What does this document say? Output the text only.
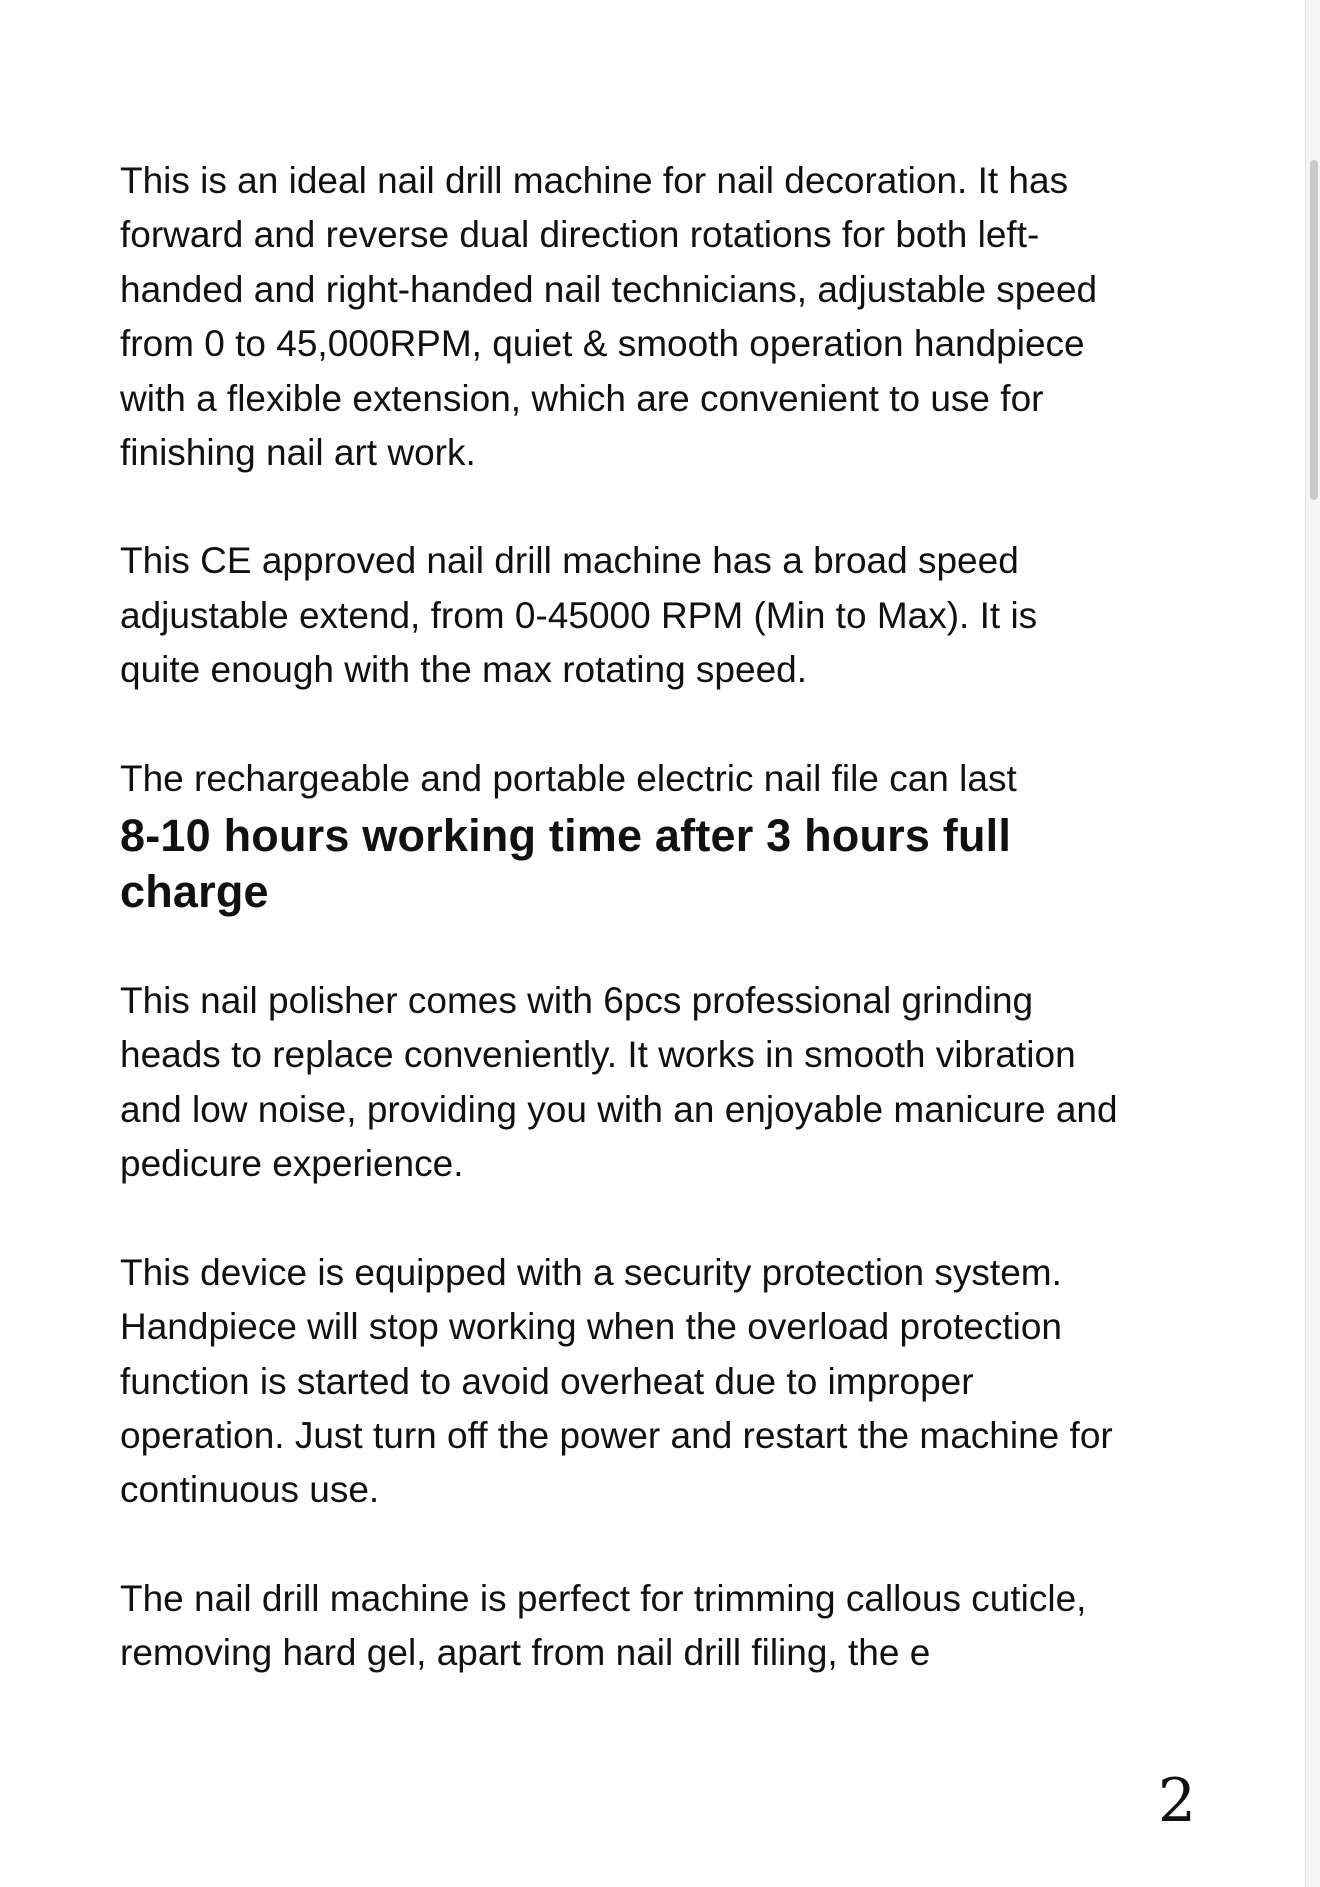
This is an ideal nail drill machine for nail decoration. It has forward and reverse dual direction rotations for both left-handed and right-handed nail technicians, adjustable speed from 0 to 45,000RPM, quiet & smooth operation handpiece with a flexible extension, which are convenient to use for finishing nail art work.

This CE approved nail drill machine has a broad speed adjustable extend, from 0-45000 RPM (Min to Max). It is quite enough with the max rotating speed.

The rechargeable and portable electric nail file can last
8-10 hours working time after 3 hours full charge

This nail polisher comes with 6pcs professional grinding heads to replace conveniently. It works in smooth vibration and low noise, providing you with an enjoyable manicure and pedicure experience.

This device is equipped with a security protection system. Handpiece will stop working when the overload protection function is started to avoid overheat due to improper operation. Just turn off the power and restart the machine for continuous use.

The nail drill machine is perfect for trimming callous cuticle, removing hard gel, apart from nail drill filing, the e

2
